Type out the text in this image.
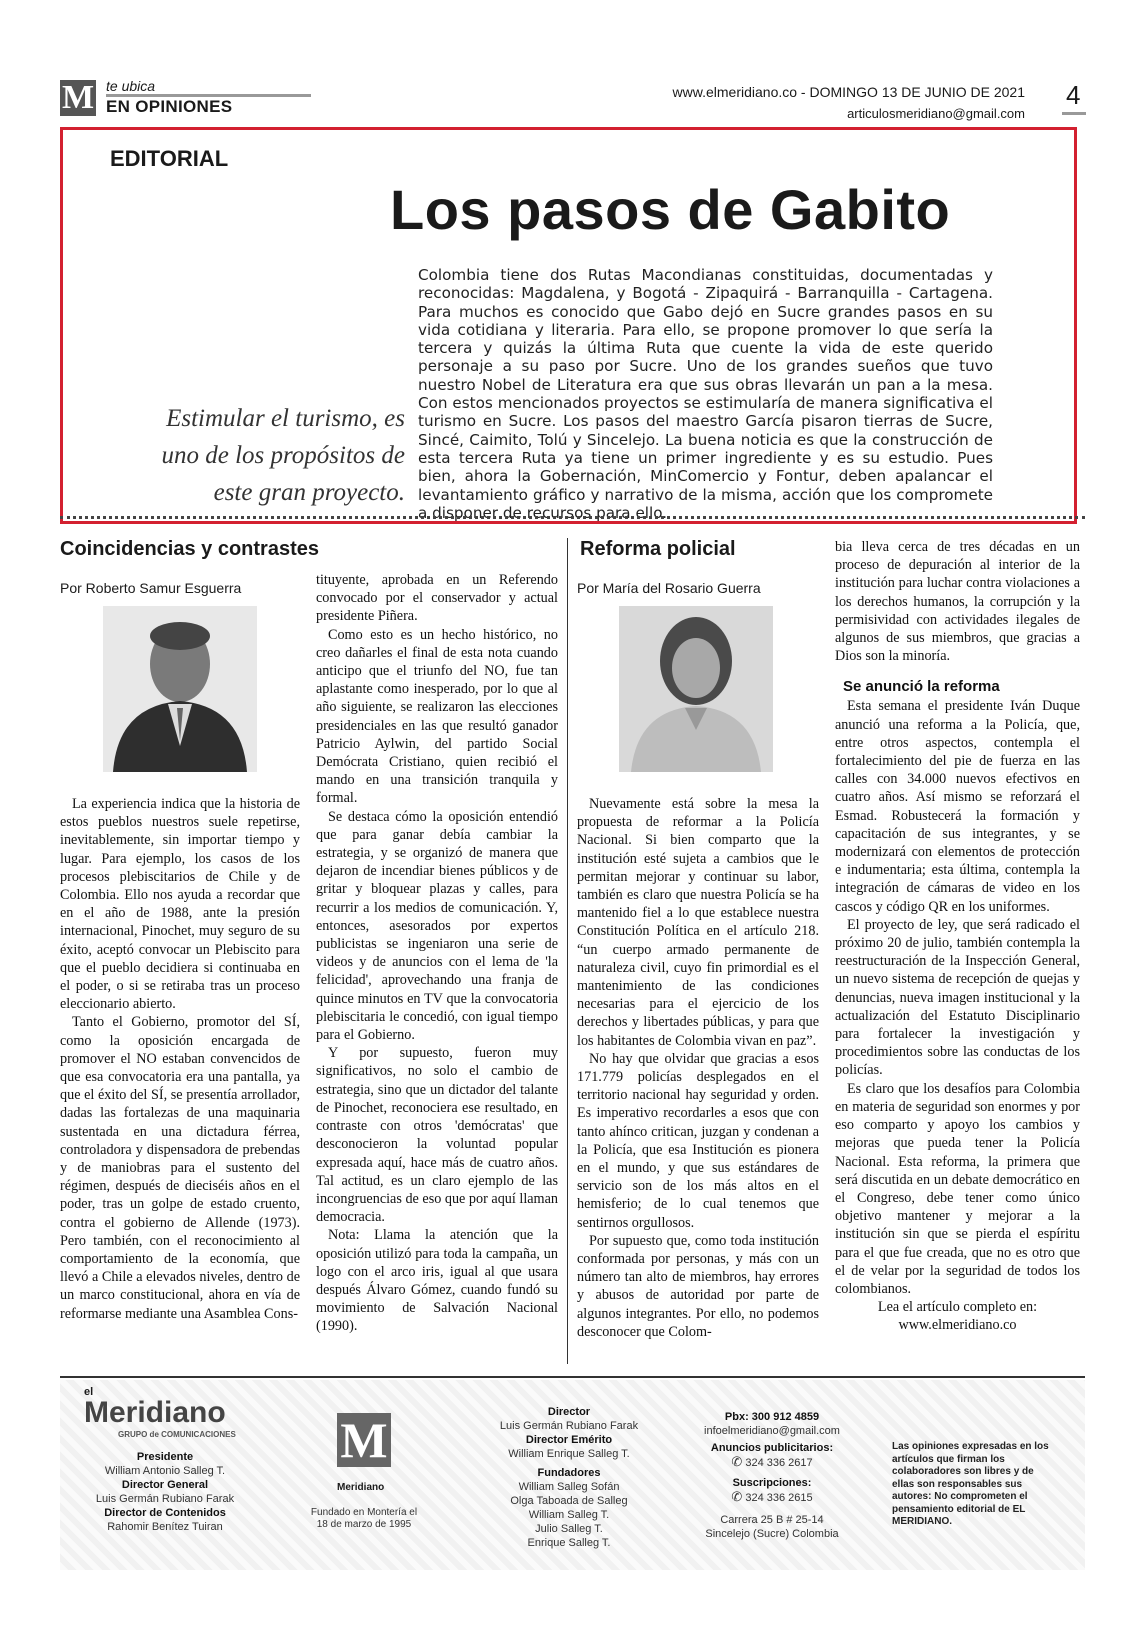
M te ubica
EN OPINIONES
www.elmeridiano.co - DOMINGO 13 DE JUNIO DE 2021
articulosmeridiano@gmail.com
4
EDITORIAL
Los pasos de Gabito
Estimular el turismo, es uno de los propósitos de este gran proyecto.
Colombia tiene dos Rutas Macondianas constituidas, documentadas y reconocidas: Magdalena, y Bogotá - Zipaquirá - Barranquilla - Cartagena. Para muchos es conocido que Gabo dejó en Sucre grandes pasos en su vida cotidiana y literaria. Para ello, se propone promover lo que sería la tercera y quizás la última Ruta que cuente la vida de este querido personaje a su paso por Sucre. Uno de los grandes sueños que tuvo nuestro Nobel de Literatura era que sus obras llevarán un pan a la mesa. Con estos mencionados proyectos se estimularía de manera significativa el turismo en Sucre. Los pasos del maestro García pisaron tierras de Sucre, Sincé, Caimito, Tolú y Sincelejo. La buena noticia es que la construcción de esta tercera Ruta ya tiene un primer ingrediente y es su estudio. Pues bien, ahora la Gobernación, MinComercio y Fontur, deben apalancar el levantamiento gráfico y narrativo de la misma, acción que los compromete a disponer de recursos para ello.
Coincidencias y contrastes
Por Roberto Samur Esguerra

La experiencia indica que la historia de estos pueblos nuestros suele repetirse, inevitablemente, sin importar tiempo y lugar. Para ejemplo, los casos de los procesos plebiscitarios de Chile y de Colombia. Ello nos ayuda a recordar que en el año de 1988, ante la presión internacional, Pinochet, muy seguro de su éxito, aceptó convocar un Plebiscito para que el pueblo decidiera si continuaba en el poder, o si se retiraba tras un proceso eleccionario abierto.

Tanto el Gobierno, promotor del SÍ, como la oposición encargada de promover el NO estaban convencidos de que esa convocatoria era una pantalla, ya que el éxito del SÍ, se presentía arrollador, dadas las fortalezas de una maquinaria sustentada en una dictadura férrea, controladora y dispensadora de prebendas y de maniobras para el sustento del régimen, después de dieciséis años en el poder, tras un golpe de estado cruento, contra el gobierno de Allende (1973). Pero también, con el reconocimiento al comportamiento de la economía, que llevó a Chile a elevados niveles, dentro de un marco constitucional, ahora en vía de reformarse mediante una Asamblea Cons-

tituyente, aprobada en un Referendo convocado por el conservador y actual presidente Piñera.

Como esto es un hecho histórico, no creo dañarles el final de esta nota cuando anticipo que el triunfo del NO, fue tan aplastante como inesperado, por lo que al año siguiente, se realizaron las elecciones presidenciales en las que resultó ganador Patricio Aylwin, del partido Social Demócrata Cristiano, quien recibió el mando en una transición tranquila y formal.

Se destaca cómo la oposición entendió que para ganar debía cambiar la estrategia, y se organizó de manera que dejaron de incendiar bienes públicos y de gritar y bloquear plazas y calles, para recurrir a los medios de comunicación. Y, entonces, asesorados por expertos publicistas se ingeniaron una serie de videos y de anuncios con el lema de 'la felicidad', aprovechando una franja de quince minutos en TV que la convocatoria plebiscitaria le concedió, con igual tiempo para el Gobierno.

Y por supuesto, fueron muy significativos, no solo el cambio de estrategia, sino que un dictador del talante de Pinochet, reconociera ese resultado, en contraste con otros 'demócratas' que desconocieron la voluntad popular expresada aquí, hace más de cuatro años. Tal actitud, es un claro ejemplo de las incongruencias de eso que por aquí llaman democracia.

Nota: Llama la atención que la oposición utilizó para toda la campaña, un logo con el arco iris, igual al que usara después Álvaro Gómez, cuando fundó su movimiento de Salvación Nacional (1990).

Reforma policial
Por María del Rosario Guerra

Nuevamente está sobre la mesa la propuesta de reformar a la Policía Nacional. Si bien comparto que la institución esté sujeta a cambios que le permitan mejorar y continuar su labor, también es claro que nuestra Policía se ha mantenido fiel a lo que establece nuestra Constitución Política en el artículo 218. “un cuerpo armado permanente de naturaleza civil, cuyo fin primordial es el mantenimiento de las condiciones necesarias para el ejercicio de los derechos y libertades públicas, y para que los habitantes de Colombia vivan en paz”.

No hay que olvidar que gracias a esos 171.779 policías desplegados en el territorio nacional hay seguridad y orden. Es imperativo recordarles a esos que con tanto ahínco critican, juzgan y condenan a la Policía, que esa Institución es pionera en el mundo, y que sus estándares de servicio son de los más altos en el hemisferio; de lo cual tenemos que sentirnos orgullosos.

Por supuesto que, como toda institución conformada por personas, y más con un número tan alto de miembros, hay errores y abusos de autoridad por parte de algunos integrantes. Por ello, no podemos desconocer que Colom-

bia lleva cerca de tres décadas en un proceso de depuración al interior de la institución para luchar contra violaciones a los derechos humanos, la corrupción y la permisividad con actividades ilegales de algunos de sus miembros, que gracias a Dios son la minoría.

Se anunció la reforma

Esta semana el presidente Iván Duque anunció una reforma a la Policía, que, entre otros aspectos, contempla el fortalecimiento del pie de fuerza en las calles con 34.000 nuevos efectivos en cuatro años. Así mismo se reforzará el Esmad. Robustecerá la formación y capacitación de sus integrantes, y se modernizará con elementos de protección e indumentaria; esta última, contempla la integración de cámaras de video en los cascos y código QR en los uniformes.

El proyecto de ley, que será radicado el próximo 20 de julio, también contempla la reestructuración de la Inspección General, un nuevo sistema de recepción de quejas y denuncias, nueva imagen institucional y la actualización del Estatuto Disciplinario para fortalecer la investigación y procedimientos sobre las conductas de los policías.

Es claro que los desafíos para Colombia en materia de seguridad son enormes y por eso comparto y apoyo los cambios y mejoras que pueda tener la Policía Nacional. Esta reforma, la primera que será discutida en un debate democrático en el Congreso, debe tener como único objetivo mantener y mejorar a la institución sin que se pierda el espíritu para el que fue creada, que no es otro que el de velar por la seguridad de todos los colombianos.

Lea el artículo completo en:
www.elmeridiano.co
el
Meridiano
GRUPO de COMUNICACIONES
Presidente
William Antonio Salleg T.
Director General
Luis Germán Rubiano Farak
Director de Contenidos
Rahomir Benítez Tuiran
M
Meridiano
Fundado en Montería el 18 de marzo de 1995
Director
Luis Germán Rubiano Farak
Director Emérito
William Enrique Salleg T.
Fundadores
William Salleg Sofán
Olga Taboada de Salleg
William Salleg T.
Julio Salleg T.
Enrique Salleg T.
Pbx: 300 912 4859
infoelmeridiano@gmail.com
Anuncios publicitarios:
✆ 324 336 2617
Suscripciones:
✆ 324 336 2615
Carrera 25 B # 25-14
Sincelejo (Sucre) Colombia
Las opiniones expresadas en los artículos que firman los colaboradores son libres y de ellas son responsables sus autores: No comprometen el pensamiento editorial de EL MERIDIANO.
